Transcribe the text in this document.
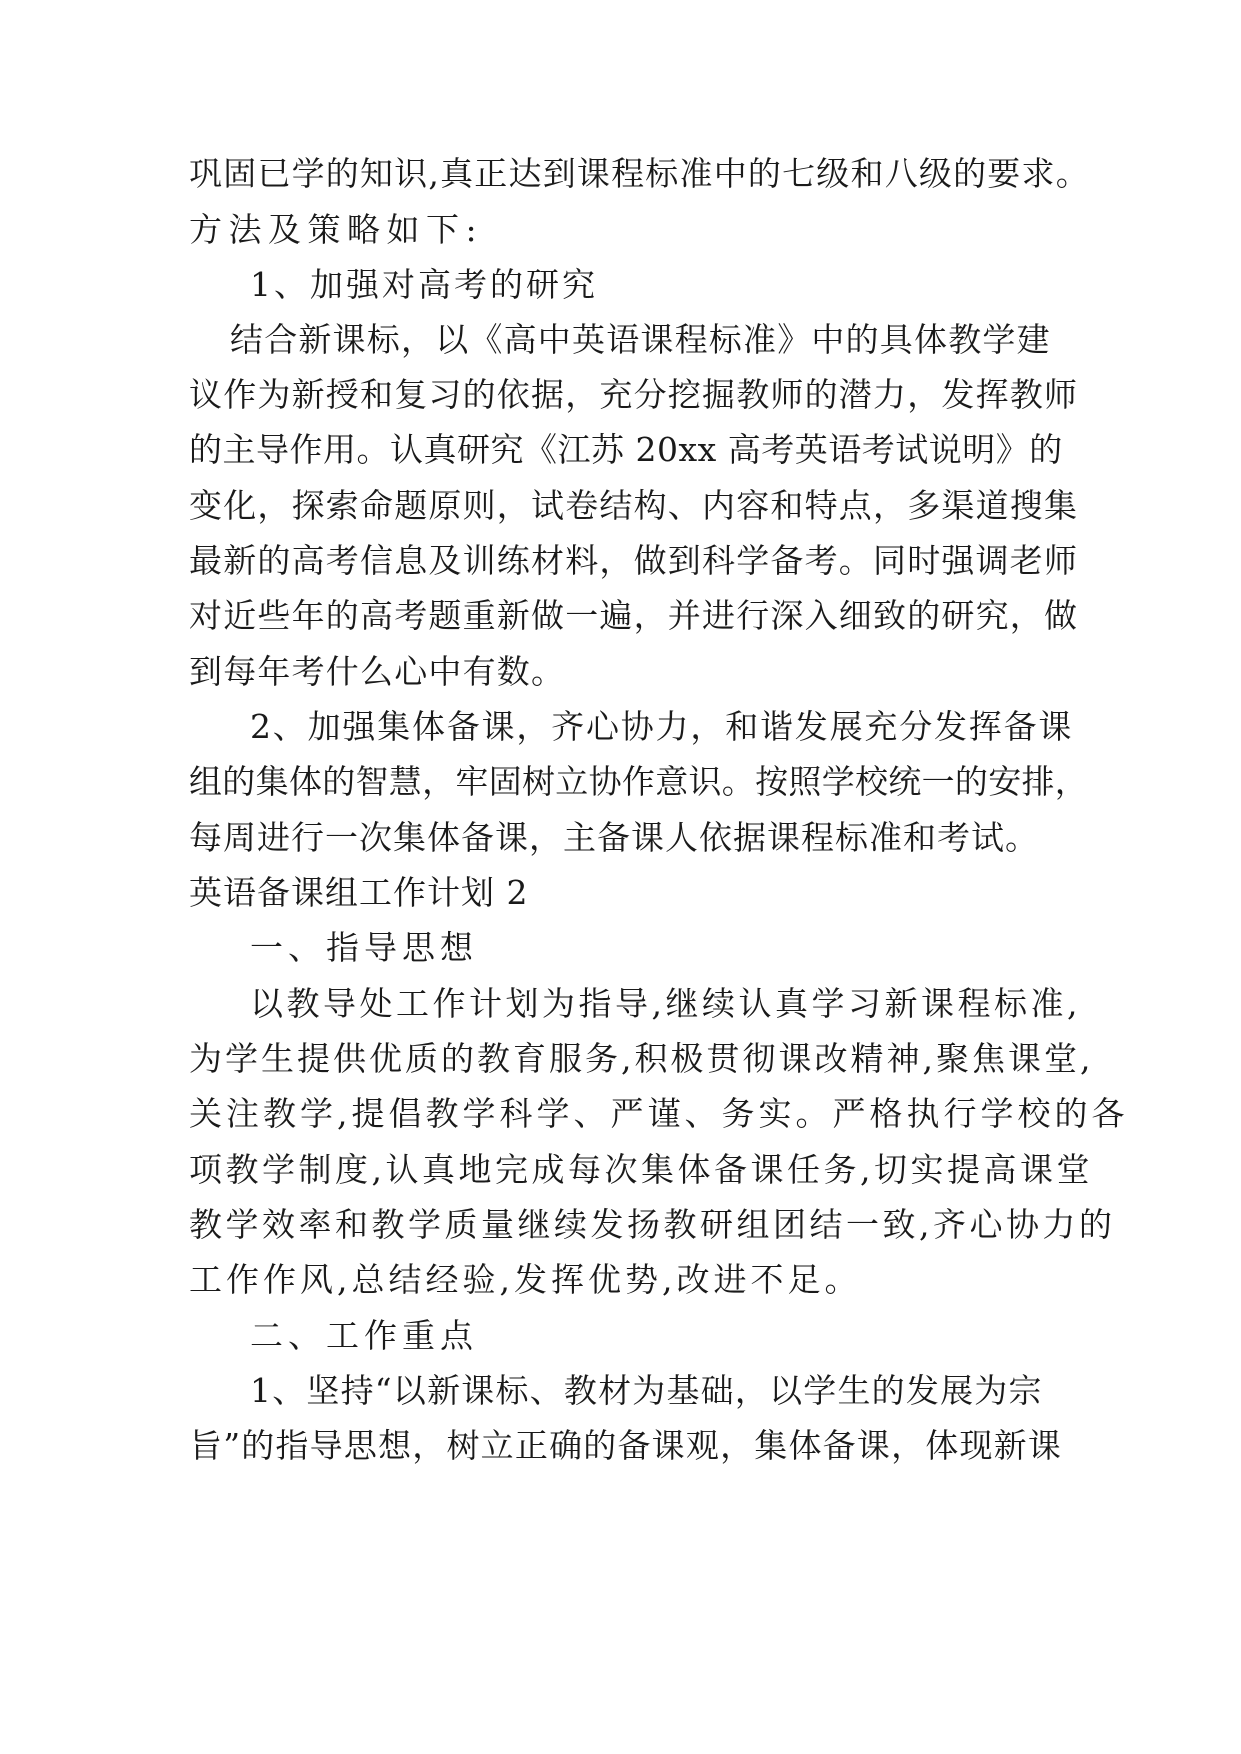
巩固已学的知识,真正达到课程标准中的七级和八级的要求。

方法及策略如下:

1、加强对高考的研究

结合新课标，以《高中英语课程标准》中的具体教学建

议作为新授和复习的依据，充分挖掘教师的潜力，发挥教师

的主导作用。认真研究《江苏 20xx 高考英语考试说明》的

变化，探索命题原则，试卷结构、内容和特点，多渠道搜集

最新的高考信息及训练材料，做到科学备考。同时强调老师

对近些年的高考题重新做一遍，并进行深入细致的研究，做

到每年考什么心中有数。

2、加强集体备课，齐心协力，和谐发展充分发挥备课

组的集体的智慧，牢固树立协作意识。按照学校统一的安排，

每周进行一次集体备课，主备课人依据课程标准和考试。

英语备课组工作计划 2

一、指导思想

以教导处工作计划为指导,继续认真学习新课程标准,

为学生提供优质的教育服务,积极贯彻课改精神,聚焦课堂,

关注教学,提倡教学科学、严谨、务实。严格执行学校的各

项教学制度,认真地完成每次集体备课任务,切实提高课堂

教学效率和教学质量继续发扬教研组团结一致,齐心协力的

工作作风,总结经验,发挥优势,改进不足。

二、工作重点

1、坚持“以新课标、教材为基础，以学生的发展为宗

旨”的指导思想，树立正确的备课观，集体备课，体现新课
